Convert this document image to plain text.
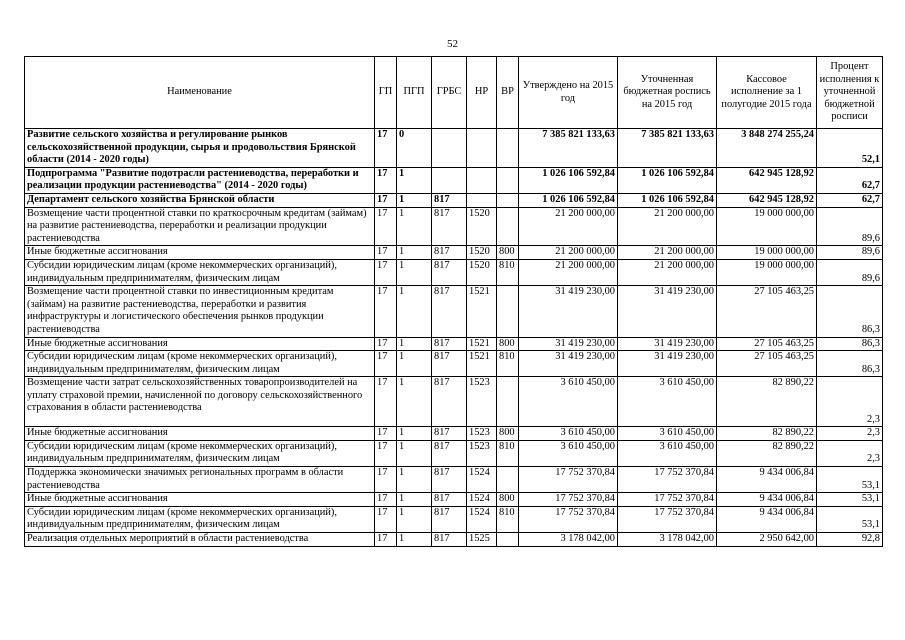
52
Наименование	ГП	ПГП	ГРБС	НР	ВР	Утверждено на 2015 год	Уточненная бюджетная роспись на 2015 год	Кассовое исполнение за 1 полугодие 2015 года	Процент исполнения к уточненной бюджетной росписи
Развитие сельского хозяйства и регулирование рынков сельскохозяйственной продукции, сырья и продовольствия Брянской области (2014 - 2020 годы)	17	0				7 385 821 133,63	7 385 821 133,63	3 848 274 255,24	52,1
Подпрограмма "Развитие подотрасли растениеводства, переработки и реализации продукции растениеводства" (2014 - 2020 годы)	17	1				1 026 106 592,84	1 026 106 592,84	642 945 128,92	62,7
Департамент сельского хозяйства Брянской области	17	1	817			1 026 106 592,84	1 026 106 592,84	642 945 128,92	62,7
Возмещение части процентной ставки по краткосрочным кредитам (займам) на развитие растениеводства, переработки и реализации продукции растениеводства	17	1	817	1520		21 200 000,00	21 200 000,00	19 000 000,00	89,6
Иные бюджетные ассигнования	17	1	817	1520	800	21 200 000,00	21 200 000,00	19 000 000,00	89,6
Субсидии юридическим лицам (кроме некоммерческих организаций), индивидуальным предпринимателям, физическим лицам	17	1	817	1520	810	21 200 000,00	21 200 000,00	19 000 000,00	89,6
Возмещение части процентной ставки по инвестиционным кредитам (займам) на развитие растениеводства, переработки и развития инфраструктуры и логистического обеспечения рынков продукции растениеводства	17	1	817	1521		31 419 230,00	31 419 230,00	27 105 463,25	86,3
Иные бюджетные ассигнования	17	1	817	1521	800	31 419 230,00	31 419 230,00	27 105 463,25	86,3
Субсидии юридическим лицам (кроме некоммерческих организаций), индивидуальным предпринимателям, физическим лицам	17	1	817	1521	810	31 419 230,00	31 419 230,00	27 105 463,25	86,3
Возмещение части затрат сельскохозяйственных товаропроизводителей на уплату страховой премии, начисленной по договору сельскохозяйственного страхования в области растениеводства	17	1	817	1523		3 610 450,00	3 610 450,00	82 890,22	2,3
Иные бюджетные ассигнования	17	1	817	1523	800	3 610 450,00	3 610 450,00	82 890,22	2,3
Субсидии юридическим лицам (кроме некоммерческих организаций), индивидуальным предпринимателям, физическим лицам	17	1	817	1523	810	3 610 450,00	3 610 450,00	82 890,22	2,3
Поддержка экономически значимых региональных программ в области растениеводства	17	1	817	1524		17 752 370,84	17 752 370,84	9 434 006,84	53,1
Иные бюджетные ассигнования	17	1	817	1524	800	17 752 370,84	17 752 370,84	9 434 006,84	53,1
Субсидии юридическим лицам (кроме некоммерческих организаций), индивидуальным предпринимателям, физическим лицам	17	1	817	1524	810	17 752 370,84	17 752 370,84	9 434 006,84	53,1
Реализация отдельных мероприятий в области растениеводства	17	1	817	1525		3 178 042,00	3 178 042,00	2 950 642,00	92,8
